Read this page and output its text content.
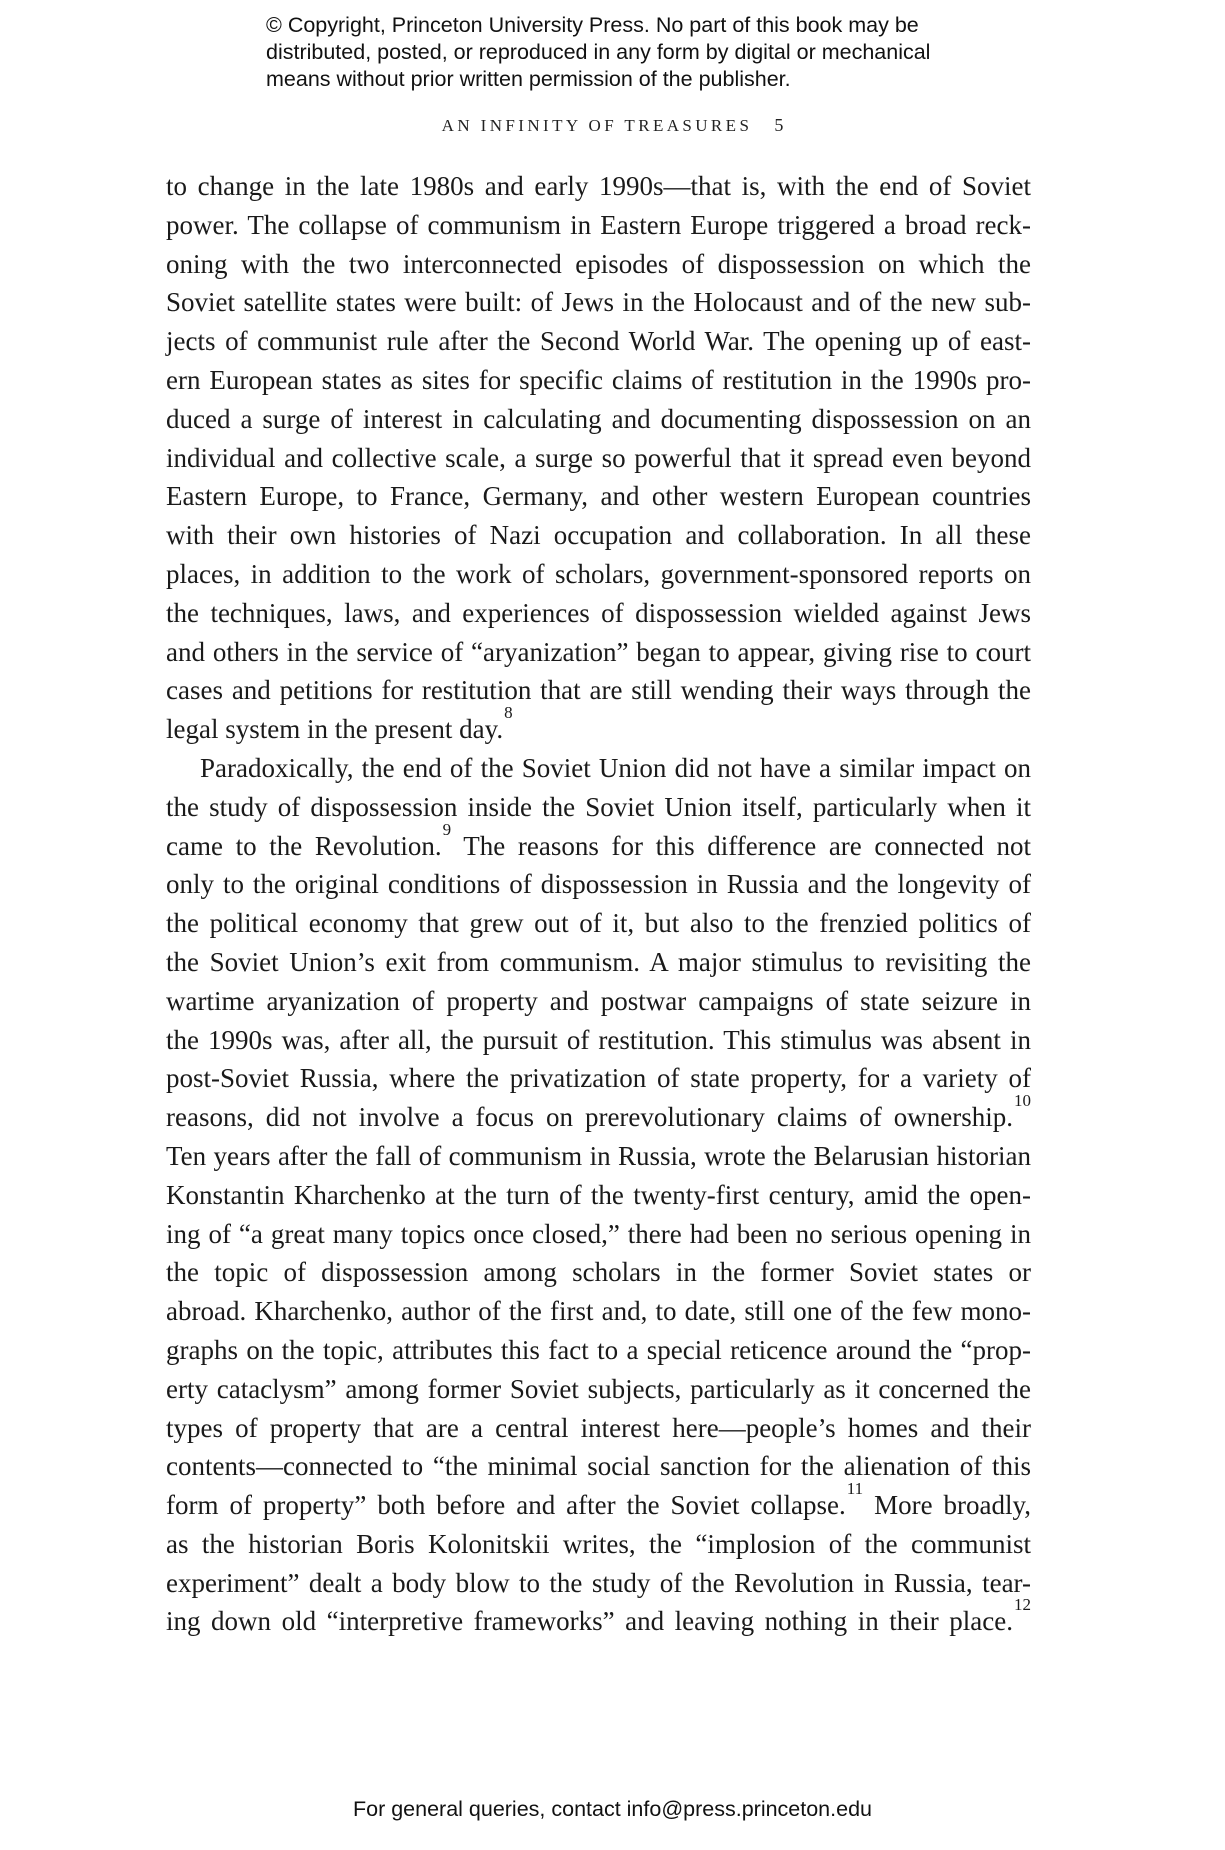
© Copyright, Princeton University Press. No part of this book may be
distributed, posted, or reproduced in any form by digital or mechanical
means without prior written permission of the publisher.
AN INFINITY OF TREASURES 5
to change in the late 1980s and early 1990s—that is, with the end of Soviet
power. The collapse of communism in Eastern Europe triggered a broad reck-
oning with the two interconnected episodes of dispossession on which the
Soviet satellite states were built: of Jews in the Holocaust and of the new sub-
jects of communist rule after the Second World War. The opening up of east-
ern European states as sites for specific claims of restitution in the 1990s pro-
duced a surge of interest in calculating and documenting dispossession on an
individual and collective scale, a surge so powerful that it spread even beyond
Eastern Europe, to France, Germany, and other western European countries
with their own histories of Nazi occupation and collaboration. In all these
places, in addition to the work of scholars, government-sponsored reports on
the techniques, laws, and experiences of dispossession wielded against Jews
and others in the service of “aryanization” began to appear, giving rise to court
cases and petitions for restitution that are still wending their ways through the
legal system in the present day.$^8$
Paradoxically, the end of the Soviet Union did not have a similar impact on
the study of dispossession inside the Soviet Union itself, particularly when it
came to the Revolution.$^9$ The reasons for this difference are connected not
only to the original conditions of dispossession in Russia and the longevity of
the political economy that grew out of it, but also to the frenzied politics of
the Soviet Union’s exit from communism. A major stimulus to revisiting the
wartime aryanization of property and postwar campaigns of state seizure in
the 1990s was, after all, the pursuit of restitution. This stimulus was absent in
post-Soviet Russia, where the privatization of state property, for a variety of
reasons, did not involve a focus on prerevolutionary claims of ownership.$^{10}$
Ten years after the fall of communism in Russia, wrote the Belarusian historian
Konstantin Kharchenko at the turn of the twenty-first century, amid the open-
ing of “a great many topics once closed,” there had been no serious opening in
the topic of dispossession among scholars in the former Soviet states or
abroad. Kharchenko, author of the first and, to date, still one of the few mono-
graphs on the topic, attributes this fact to a special reticence around the “prop-
erty cataclysm” among former Soviet subjects, particularly as it concerned the
types of property that are a central interest here—people’s homes and their
contents—connected to “the minimal social sanction for the alienation of this
form of property” both before and after the Soviet collapse.$^{11}$ More broadly,
as the historian Boris Kolonitskii writes, the “implosion of the communist
experiment” dealt a body blow to the study of the Revolution in Russia, tear-
ing down old “interpretive frameworks” and leaving nothing in their place.$^{12}$
For general queries, contact info@press.princeton.edu
